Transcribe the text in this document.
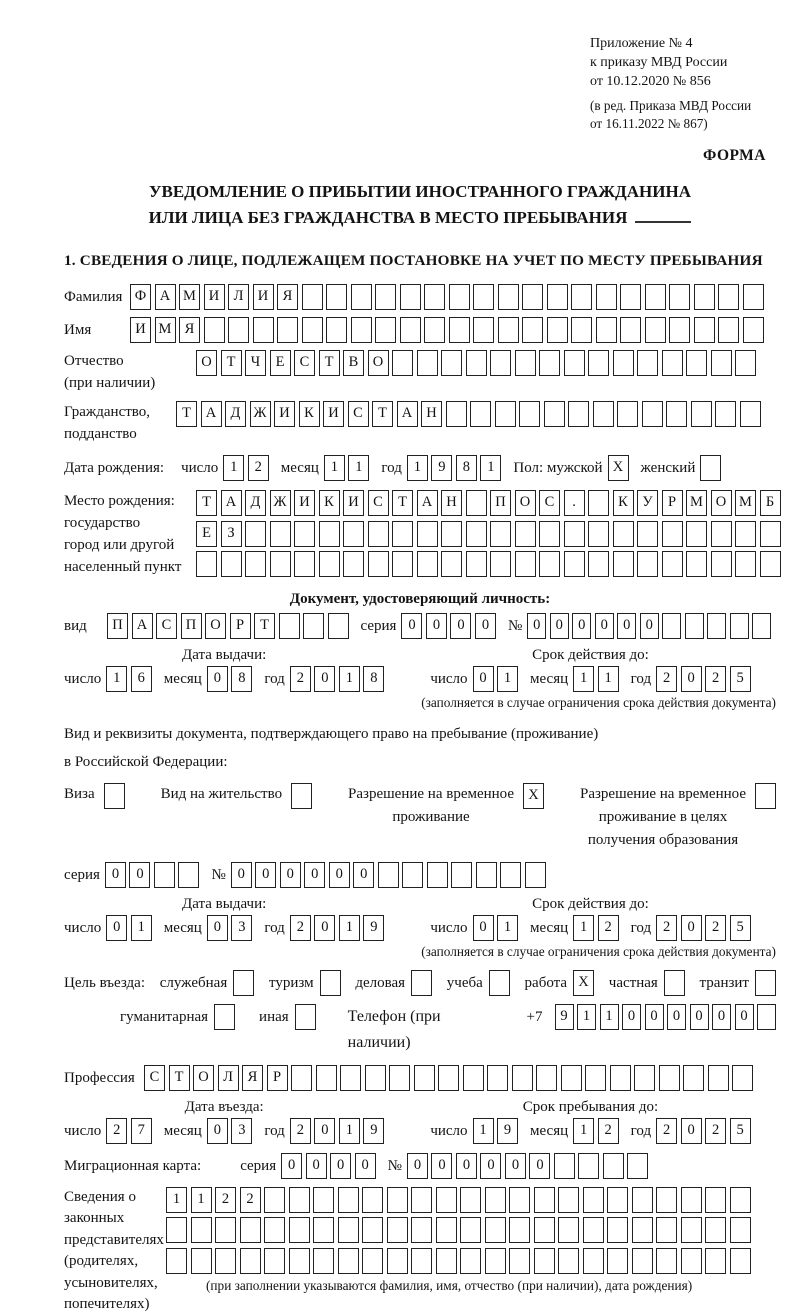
Приложение № 4
к приказу МВД России
от 10.12.2020 № 856
(в ред. Приказа МВД России
от 16.11.2022 № 867)
ФОРМА
УВЕДОМЛЕНИЕ О ПРИБЫТИИ ИНОСТРАННОГО ГРАЖДАНИНА
ИЛИ ЛИЦА БЕЗ ГРАЖДАНСТВА В МЕСТО ПРЕБЫВАНИЯ
1. СВЕДЕНИЯ О ЛИЦЕ, ПОДЛЕЖАЩЕМ ПОСТАНОВКЕ НА УЧЕТ ПО МЕСТУ ПРЕБЫВАНИЯ
Фамилия Ф А М И Л И Я
Имя	И М Я
Отчество
(при наличии)
О	Т	Ч	Е	С	Т	В О
Гражданство,
подданство
Т	А Д Ж И К И С	Т	А Н
Дата рождения: число 1	2	месяц 1	1	год 1	9	8	1	Пол: мужской X	женский
Место рождения:
государство
город или другой
населенный пункт
Т	А Д Ж И К И С	Т	А Н	П О С	.	К	У	Р М О М Б
Е	З
Документ, удостоверяющий личность:
вид	П А С П О	Р	Т	серия 0	0	0	0	№ 0	0	0	0	0	0
Дата выдачи:
число 1	6	месяц 0	8	год 2	0	1	8
Срок действия до:
число 0	1	месяц 1	1	год 2	0	2	5
(заполняется в случае ограничения срока действия документа)
Вид и реквизиты документа, подтверждающего право на пребывание (проживание)
в Российской Федерации:
Виза	Вид на жительство	Разрешение на временное
проживание
X	Разрешение на временное
проживание в целях
получения образования
серия 0	0	№ 0	0	0	0	0	0
Дата выдачи:
число 0	1	месяц 0	3	год 2	0	1	9
Срок действия до:
число 0	1	месяц 1	2	год 2	0	2	5
(заполняется в случае ограничения срока действия документа)
Цель въезда: служебная	туризм	деловая	учеба	работа X	частная	транзит
гуманитарная	иная	Телефон (при наличии)
+7	9	1	1	0	0	0	0	0	0
Профессия	С	Т	О Л	Я	Р
Дата въезда:
число 2	7	месяц 0	3	год 2	0	1	9
Срок пребывания до:
число 1	9	месяц 1	2	год 2	0	2	5
Миграционная карта:	серия 0	0	0	0	№ 0	0	0	0	0	0
Сведения о
законных
представителях
(родителях,
усыновителях,
попечителях)
1	1	2	2
(при заполнении указываются фамилия, имя, отчество (при наличии), дата рождения)
